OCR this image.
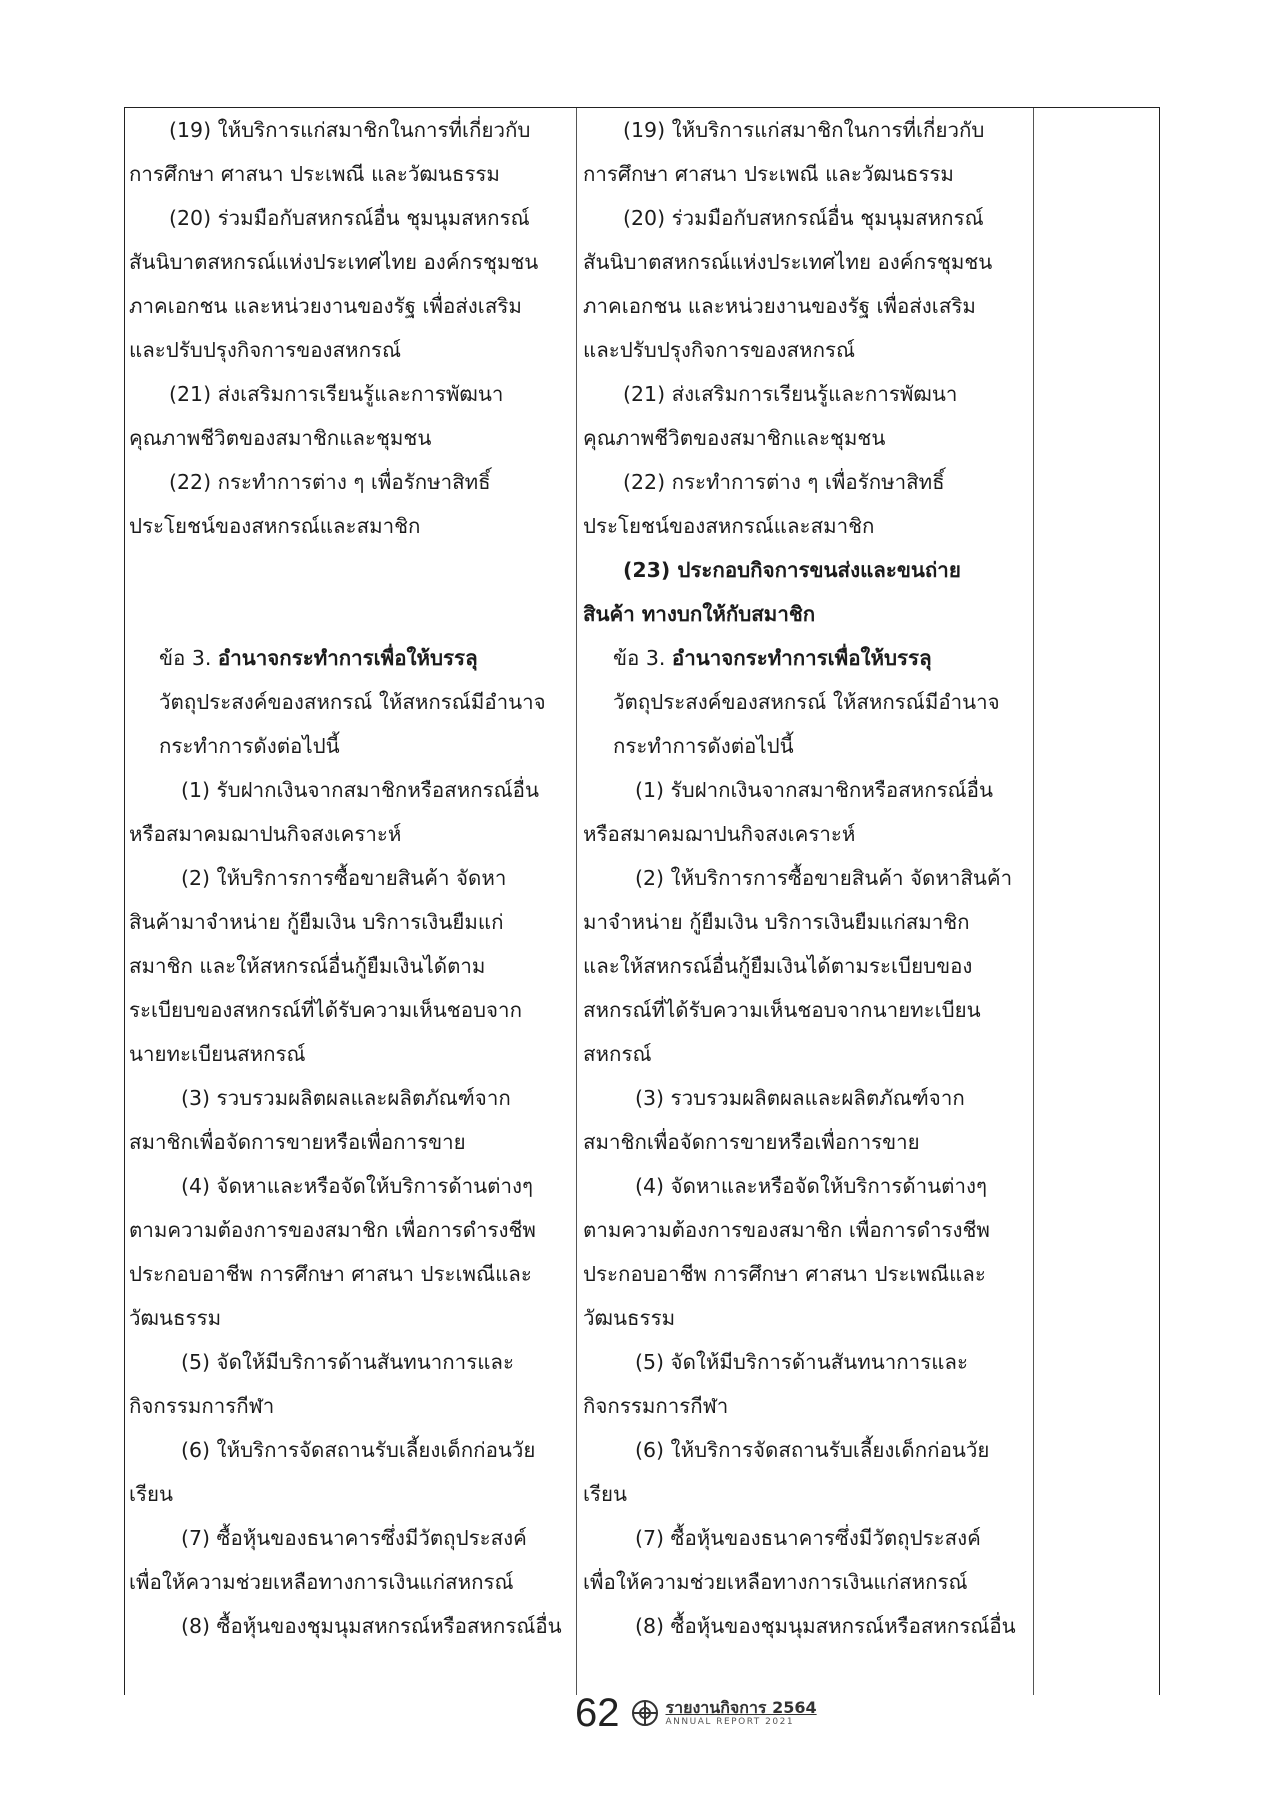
(19) ให้บริการแก่สมาชิกในการที่เกี่ยวกับ
การศึกษา ศาสนา ประเพณี และวัฒนธรรม
(20) ร่วมมือกับสหกรณ์อื่น ชุมนุมสหกรณ์
สันนิบาตสหกรณ์แห่งประเทศไทย องค์กรชุมชน
ภาคเอกชน และหน่วยงานของรัฐ เพื่อส่งเสริม
และปรับปรุงกิจการของสหกรณ์
(21) ส่งเสริมการเรียนรู้และการพัฒนา
คุณภาพชีวิตของสมาชิกและชุมชน
(22) กระทำการต่าง ๆ เพื่อรักษาสิทธิ์
ประโยชน์ของสหกรณ์และสมาชิก
ข้อ 3. อำนาจกระทำการเพื่อให้บรรลุ
วัตถุประสงค์ของสหกรณ์ ให้สหกรณ์มีอำนาจ
กระทำการดังต่อไปนี้
(1) รับฝากเงินจากสมาชิกหรือสหกรณ์อื่น
หรือสมาคมฌาปนกิจสงเคราะห์
(2) ให้บริการการซื้อขายสินค้า จัดหา
สินค้ามาจำหน่าย กู้ยืมเงิน บริการเงินยืมแก่
สมาชิก และให้สหกรณ์อื่นกู้ยืมเงินได้ตาม
ระเบียบของสหกรณ์ที่ได้รับความเห็นชอบจาก
นายทะเบียนสหกรณ์
(3) รวบรวมผลิตผลและผลิตภัณฑ์จาก
สมาชิกเพื่อจัดการขายหรือเพื่อการขาย
(4) จัดหาและหรือจัดให้บริการด้านต่างๆ
ตามความต้องการของสมาชิก เพื่อการดำรงชีพ
ประกอบอาชีพ การศึกษา ศาสนา ประเพณีและ
วัฒนธรรม
(5) จัดให้มีบริการด้านสันทนาการและ
กิจกรรมการกีฬา
(6) ให้บริการจัดสถานรับเลี้ยงเด็กก่อนวัย
เรียน
(7) ซื้อหุ้นของธนาคารซึ่งมีวัตถุประสงค์
เพื่อให้ความช่วยเหลือทางการเงินแก่สหกรณ์
(8) ซื้อหุ้นของชุมนุมสหกรณ์หรือสหกรณ์อื่น
(19) ให้บริการแก่สมาชิกในการที่เกี่ยวกับ
การศึกษา ศาสนา ประเพณี และวัฒนธรรม
(20) ร่วมมือกับสหกรณ์อื่น ชุมนุมสหกรณ์
สันนิบาตสหกรณ์แห่งประเทศไทย องค์กรชุมชน
ภาคเอกชน และหน่วยงานของรัฐ เพื่อส่งเสริม
และปรับปรุงกิจการของสหกรณ์
(21) ส่งเสริมการเรียนรู้และการพัฒนา
คุณภาพชีวิตของสมาชิกและชุมชน
(22) กระทำการต่าง ๆ เพื่อรักษาสิทธิ์
ประโยชน์ของสหกรณ์และสมาชิก
(23) ประกอบกิจการขนส่งและขนถ่าย
สินค้า ทางบกให้กับสมาชิก
ข้อ 3. อำนาจกระทำการเพื่อให้บรรลุ
วัตถุประสงค์ของสหกรณ์ ให้สหกรณ์มีอำนาจ
กระทำการดังต่อไปนี้
(1) รับฝากเงินจากสมาชิกหรือสหกรณ์อื่น
หรือสมาคมฌาปนกิจสงเคราะห์
(2) ให้บริการการซื้อขายสินค้า จัดหาสินค้า
มาจำหน่าย กู้ยืมเงิน บริการเงินยืมแก่สมาชิก
และให้สหกรณ์อื่นกู้ยืมเงินได้ตามระเบียบของ
สหกรณ์ที่ได้รับความเห็นชอบจากนายทะเบียน
สหกรณ์
(3) รวบรวมผลิตผลและผลิตภัณฑ์จาก
สมาชิกเพื่อจัดการขายหรือเพื่อการขาย
(4) จัดหาและหรือจัดให้บริการด้านต่างๆ
ตามความต้องการของสมาชิก เพื่อการดำรงชีพ
ประกอบอาชีพ การศึกษา ศาสนา ประเพณีและ
วัฒนธรรม
(5) จัดให้มีบริการด้านสันทนาการและ
กิจกรรมการกีฬา
(6) ให้บริการจัดสถานรับเลี้ยงเด็กก่อนวัย
เรียน
(7) ซื้อหุ้นของธนาคารซึ่งมีวัตถุประสงค์
เพื่อให้ความช่วยเหลือทางการเงินแก่สหกรณ์
(8) ซื้อหุ้นของชุมนุมสหกรณ์หรือสหกรณ์อื่น
62	รายงานกิจการ 2564
ANNUAL REPORT 2021
